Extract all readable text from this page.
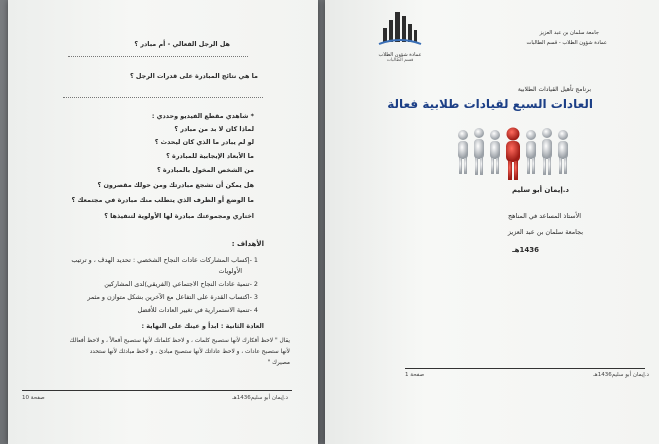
هل الرجل الفعالي - أم مبادر ؟
ما هي نتائج المبادرة على قدرات الرجل ؟
* شاهدي مقطع الفيديو وحددي :
لماذا كان لا بد من مبادر ؟
لو لم يبادر ما الذي كان ليحدث ؟
ما الأبعاد الإيجابية للمبادرة ؟
من الشخص المخول بالمبادرة ؟
هل يمكن أن تشجع مبادرتك ومن حولك مقصرون ؟
ما الوضع أو الظرف الذي يتطلب منك مبادرة في مجتمعك ؟
اختاري ومجموعتك مبادرة لها الأولوية لتنفيذها ؟
الأهداف :
1 -إكساب المشاركات عادات النجاح الشخصي : تحديد الهدف ، و ترتيب
الأولويات
2 -تنمية عادات النجاح الاجتماعي (الفريقي)لدى المشاركين
3 -اكتساب القدرة على التفاعل مع الآخرين بشكل متوازن و مثمر
4 -تنمية الاستمرارية في تغيير العادات للأفضل
العادة الثانية : ابدأ و عينك على النهاية :
يقال " لاحظ أفكارك لأنها ستصبح كلمات ، و لاحظ كلماتك لأنها ستصبح أفعالاً ، و لاحظ أفعالك
لأنها ستصبح عادات ، و لاحظ عاداتك لأنها ستصبح مبادئ ، و لاحظ مبادئك لأنها ستحدد
مصيرك "
صفحة 10	د.إيمان أبو سليم1436هـ
عمادة شؤون الطلاب
قسم الطالبات
جامعة سلمان بن عبد العزيز
عمادة شؤون الطلاب - قسم الطالبات
برنامج تأهيل القيادات الطلابية
العادات السبع لقيادات طلابية فعالة
د.إيمان أبو سليم
الأستاذ المساعد في المناهج
بجامعة سلمان بن عبد العزيز
1436هـ
صفحة 1	د.إيمان أبو سليم1436هـ
